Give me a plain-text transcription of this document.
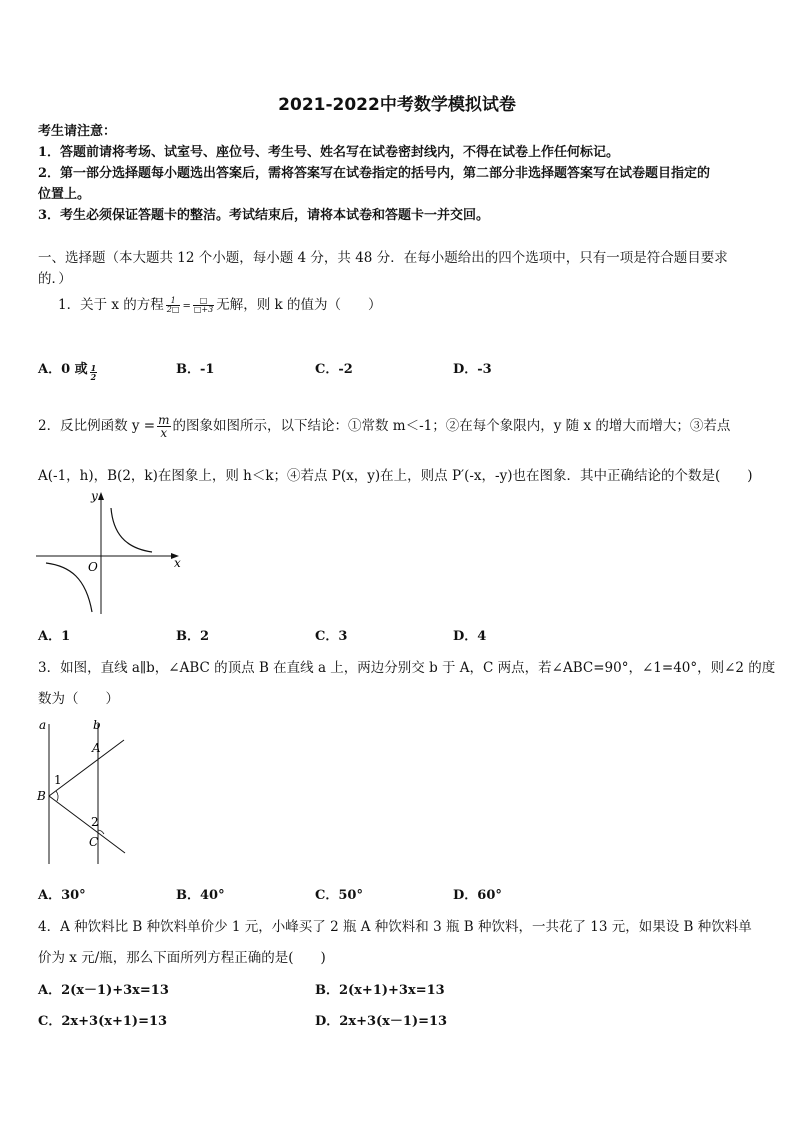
2021-2022中考数学模拟试卷
考生请注意：
1．答题前请将考场、试室号、座位号、考生号、姓名写在试卷密封线内，不得在试卷上作任何标记。
2．第一部分选择题每小题选出答案后，需将答案写在试卷指定的括号内，第二部分非选择题答案写在试卷题目指定的
位置上。
3．考生必须保证答题卡的整洁。考试结束后，请将本试卷和答题卡一并交回。
一、选择题（本大题共 12 个小题，每小题 4 分，共 48 分．在每小题给出的四个选项中，只有一项是符合题目要求
的．）
1．关于 x 的方程 $\frac{1}{2□} = \frac{□}{□+3}$ 无解，则 k 的值为（　　）
A．0 或 $\frac{1}{2}$	B．-1	C．-2	D．-3
2．反比例函数 $y = \frac{m}{x}$ 的图象如图所示，以下结论：①常数 m＜-1；②在每个象限内，y 随 x 的增大而增大；③若点
A(-1，h)，B(2，k)在图象上，则 h＜k；④若点 P(x，y)在上，则点 P′(-x，-y)也在图象．其中正确结论的个数是(　　)
y
x
O
A．1	B．2	C．3	D．4
3．如图，直线 a∥b，∠ABC 的顶点 B 在直线 a 上，两边分别交 b 于 A，C 两点，若∠ABC=90°，∠1=40°，则∠2 的度
数为（　　）
a	b
A
B
C
1
2
A．30°	B．40°	C．50°	D．60°
4．A 种饮料比 B 种饮料单价少 1 元，小峰买了 2 瓶 A 种饮料和 3 瓶 B 种饮料，一共花了 13 元，如果设 B 种饮料单
价为 x 元/瓶，那么下面所列方程正确的是(　　)
A．2(x－1)+3x=13	B．2(x+1)+3x=13
C．2x+3(x+1)=13	D．2x+3(x－1)=13
